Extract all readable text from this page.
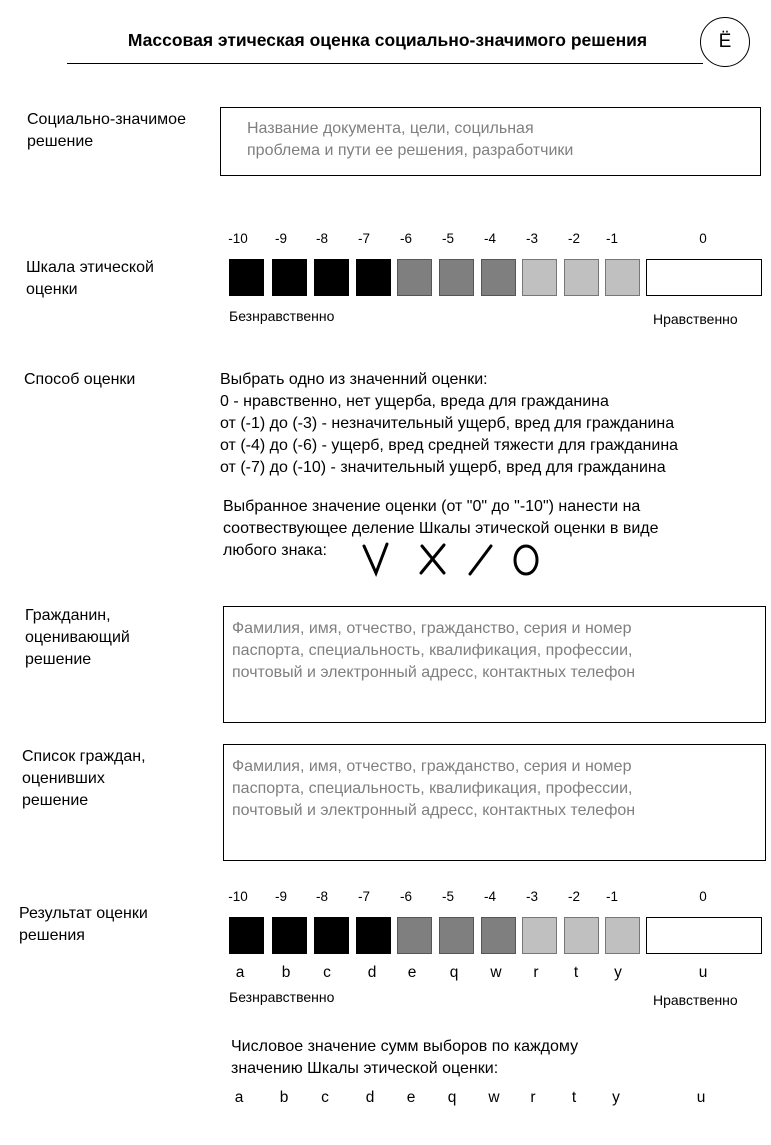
Массовая этическая оценка социально-значимого решения	Ë
Социально-значимое
решение
Название документа, цели, социльная
проблема и пути ее решения, разработчики
Шкала этической
оценки
-10	-9	-8	-7	-6	-5	-4	-3	-2	-1	0
Безнравственно	Нравственно
Способ оценки	Выбрать одно из значенний оценки:
0 - нравственно, нет ущерба, вреда для гражданина
от (-1) до (-3) - незначительный ущерб, вред для гражданина
от (-4) до (-6) - ущерб, вред средней тяжести для гражданина
от (-7) до (-10) - значительный ущерб, вред для гражданина
Выбранное значение оценки (от "0" до "-10") нанести на
соотвествующее деление Шкалы этической оценки в виде
любого знака:
Гражданин,
оценивающий
решение
Фамилия, имя, отчество, гражданство, серия и номер
паспорта, специальность, квалификация, профессии,
почтовый и электронный адресс, контактных телефон
Список граждан,
оценивших
решение
Фамилия, имя, отчество, гражданство, серия и номер
паспорта, специальность, квалификация, профессии,
почтовый и электронный адресс, контактных телефон
Результат оценки
решения
-10	-9	-8	-7	-6	-5	-4	-3	-2	-1	0
a	b	c	d	e	q	w	r	t	y	u
Безнравственно	Нравственно
Числовое значение сумм выборов по каждому
значению Шкалы этической оценки:
a	b	c	d	e	q	w	r	t	y	u
